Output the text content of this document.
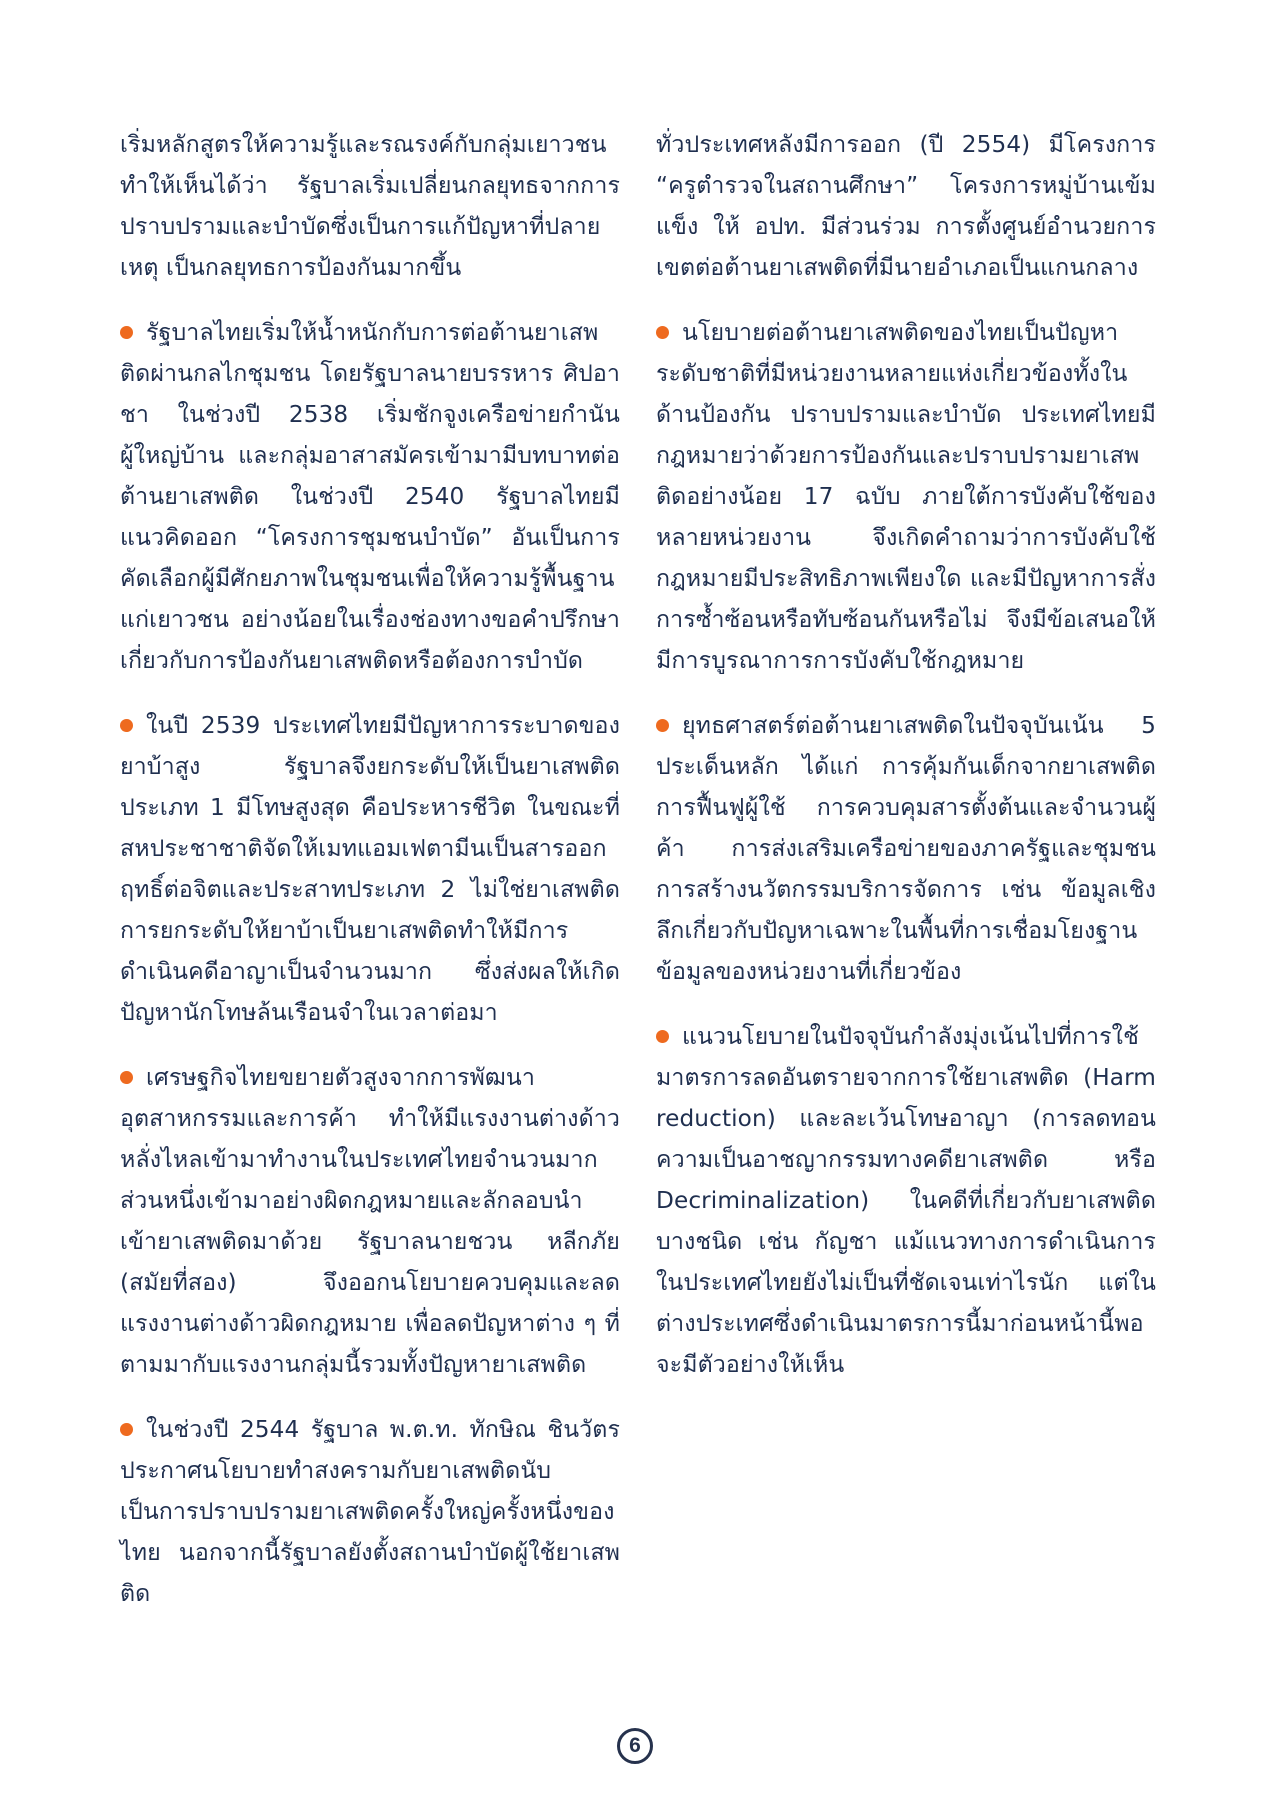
เริ่มหลักสูตรให้ความรู้และรณรงค์กับกลุ่มเยาวชน ทำให้เห็นได้ว่า รัฐบาลเริ่มเปลี่ยนกลยุทธจากการปราบปรามและบำบัดซึ่งเป็นการแก้ปัญหาที่ปลายเหตุ เป็นกลยุทธการป้องกันมากขึ้น

รัฐบาลไทยเริ่มให้น้ำหนักกับการต่อต้านยาเสพติดผ่านกลไกชุมชน โดยรัฐบาลนายบรรหาร ศิปอาชา ในช่วงปี 2538 เริ่มชักจูงเครือข่ายกำนัน ผู้ใหญ่บ้าน และกลุ่มอาสาสมัครเข้ามามีบทบาทต่อต้านยาเสพติด ในช่วงปี 2540 รัฐบาลไทยมีแนวคิดออก “โครงการชุมชนบำบัด” อันเป็นการคัดเลือกผู้มีศักยภาพในชุมชนเพื่อให้ความรู้พื้นฐานแก่เยาวชน อย่างน้อยในเรื่องช่องทางขอคำปรึกษาเกี่ยวกับการป้องกันยาเสพติดหรือต้องการบำบัด

ในปี 2539 ประเทศไทยมีปัญหาการระบาดของยาบ้าสูง รัฐบาลจึงยกระดับให้เป็นยาเสพติดประเภท 1 มีโทษสูงสุด คือประหารชีวิต ในขณะที่สหประชาชาติจัดให้เมทแอมเฟตามีนเป็นสารออกฤทธิ์ต่อจิตและประสาทประเภท 2 ไม่ใช่ยาเสพติด การยกระดับให้ยาบ้าเป็นยาเสพติดทำให้มีการดำเนินคดีอาญาเป็นจำนวนมาก ซึ่งส่งผลให้เกิดปัญหานักโทษล้นเรือนจำในเวลาต่อมา

เศรษฐกิจไทยขยายตัวสูงจากการพัฒนาอุตสาหกรรมและการค้า ทำให้มีแรงงานต่างด้าวหลั่งไหลเข้ามาทำงานในประเทศไทยจำนวนมาก ส่วนหนึ่งเข้ามาอย่างผิดกฎหมายและลักลอบนำเข้ายาเสพติดมาด้วย รัฐบาลนายชวน หลีกภัย (สมัยที่สอง) จึงออกนโยบายควบคุมและลดแรงงานต่างด้าวผิดกฎหมาย เพื่อลดปัญหาต่าง ๆ ที่ตามมากับแรงงานกลุ่มนี้รวมทั้งปัญหายาเสพติด

ในช่วงปี 2544 รัฐบาล พ.ต.ท. ทักษิณ ชินวัตร ประกาศนโยบายทำสงครามกับยาเสพติดนับเป็นการปราบปรามยาเสพติดครั้งใหญ่ครั้งหนึ่งของไทย นอกจากนี้รัฐบาลยังตั้งสถานบำบัดผู้ใช้ยาเสพติด

ทั่วประเทศหลังมีการออก (ปี 2554) มีโครงการ “ครูตำรวจในสถานศึกษา” โครงการหมู่บ้านเข้มแข็ง ให้ อปท. มีส่วนร่วม การตั้งศูนย์อำนวยการเขตต่อต้านยาเสพติดที่มีนายอำเภอเป็นแกนกลาง

นโยบายต่อต้านยาเสพติดของไทยเป็นปัญหาระดับชาติที่มีหน่วยงานหลายแห่งเกี่ยวข้องทั้งในด้านป้องกัน ปราบปรามและบำบัด ประเทศไทยมีกฎหมายว่าด้วยการป้องกันและปราบปรามยาเสพติดอย่างน้อย 17 ฉบับ ภายใต้การบังคับใช้ของหลายหน่วยงาน จึงเกิดคำถามว่าการบังคับใช้กฎหมายมีประสิทธิภาพเพียงใด และมีปัญหาการสั่งการซ้ำซ้อนหรือทับซ้อนกันหรือไม่ จึงมีข้อเสนอให้มีการบูรณาการการบังคับใช้กฎหมาย

ยุทธศาสตร์ต่อต้านยาเสพติดในปัจจุบันเน้น 5 ประเด็นหลัก ได้แก่ การคุ้มกันเด็กจากยาเสพติด การฟื้นฟูผู้ใช้ การควบคุมสารตั้งต้นและจำนวนผู้ค้า การส่งเสริมเครือข่ายของภาครัฐและชุมชน การสร้างนวัตกรรมบริการจัดการ เช่น ข้อมูลเชิงลึกเกี่ยวกับปัญหาเฉพาะในพื้นที่การเชื่อมโยงฐานข้อมูลของหน่วยงานที่เกี่ยวข้อง

แนวนโยบายในปัจจุบันกำลังมุ่งเน้นไปที่การใช้มาตรการลดอันตรายจากการใช้ยาเสพติด (Harm reduction) และละเว้นโทษอาญา (การลดทอนความเป็นอาชญากรรมทางคดียาเสพติด หรือ Decriminalization) ในคดีที่เกี่ยวกับยาเสพติดบางชนิด เช่น กัญชา แม้แนวทางการดำเนินการในประเทศไทยยังไม่เป็นที่ชัดเจนเท่าไรนัก แต่ในต่างประเทศซึ่งดำเนินมาตรการนี้มาก่อนหน้านี้พอจะมีตัวอย่างให้เห็น

6
